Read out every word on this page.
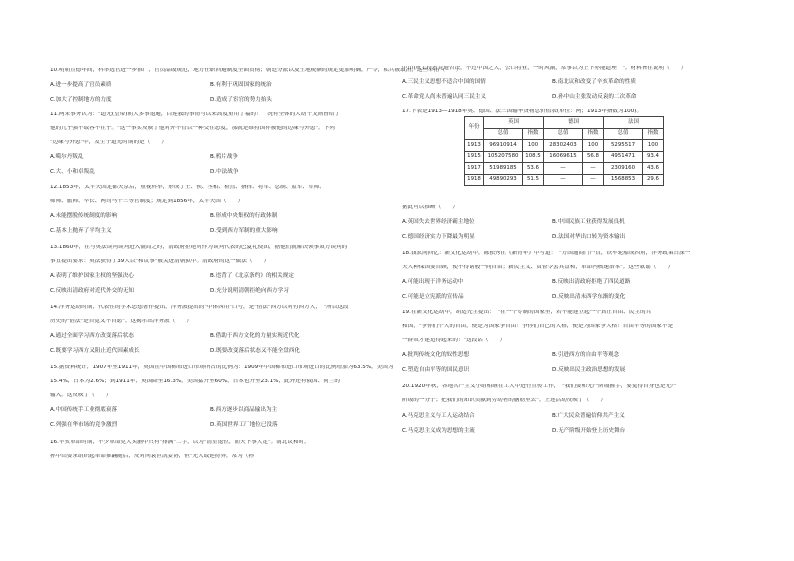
10.明朝宣德年间，科举选官进一步推广，官员品级规范，地方任职回避制度全面贯彻；朝廷分派以及土地税额的规定更加明确，严令，私兵被取消，这些举措（　　）
A.进一步提高了官员素质	B.有利于巩固国家的统治
C.加大了控制地方的力度	D.造成了宦官的势力抬头
11.两宋事务认为："道光(皇帝)朝大多事退避，白莲教的事情与以来高度重用了福的！　况有全体的大动干戈则皆给了
他的几乎强不取容不在乎。"这一事实反映了他对外不管以一种交往态度，那就是维持国祚被他的边缘与外患"。下列
"边缘与外患"中，发生于道光时期的是（　　）
A.噶尔丹叛乱	B.鸦片战争
C.大、小和卓叛乱	D.中法战争
12.1853年，太平天国定都天京后，重视科举，形成了王、侯、丞相、检点、指挥、将军、总制、监军、军帅、
师帅、旅帅、卒长、两司马十三等官制度；规定到1856年，太平天国（　　）
A.未能摆脱传统制度的影响	B.形成中央集权的行政体制
C.基本上抛弃了平均主义	D.受到西方军制的重大影响
13.1860年，在与英法谈判谈判进入僵局之时，清政府拒绝对作为谈判代表的巴夏礼使团，据他们就解决领事双方谈判的
事宜提出要求：英法获得了39人以"和议事"被关进清朝狱中。清政府的这一做法（　　）
A.表明了维护国家主权的坚强决心	B.违背了《北京条约》的相关规定
C.反映出清政府对近代外交的无知	D.充分说明清朝拒绝向西方学习
14.洋务运动时期，代表性的学术思想著作提出，洋务派提出的"中体西用"口号，是"借法"西方以对付西方人，　"所以这段
历史的"借法"是自觉又不自愿"。这揭示出洋务派（　　）
A.通过全面学习西方改变落后状态	B.借助于西方文化的力量实现近代化
C.既要学习西方又阻止近代因素成长	D.既要改变落后状态又不能全盘西化
15.据资料统计，1907年至1911年，英国在中国棉布进口市场所占的比例为：1909年中国棉布进口市场进口的比例增加为63.5%，美国为
15.4%，日本为2.6%；到1911年，英国降至16.3%，美国猛升至60%，日本也升至23.1%，此外还有俄国、荷兰的
输入。这反映了（　　）
A.中国传统手工业彻底衰落	B.西方逐步以商品输出为主
C.列强在华市场的竞争激烈	D.英国世界工厂地位已没落
16.辛亥革命时期，不少革命党人头脑中只有"排满"二字，以为"清室退位，而天下事大定"。南北议和时，
孙中山要求组织起革命推翻随后，反对向袁世凯妥协，但"光人取延持异，常为（孙
中山)所主持者竟遭否决，不过中国之大，公口将业，一时风潮，常事以为上下亦能道理　"。材料旨在说明（　　）
A.三民主义思想不适合中国的国情	B.南北议和改变了辛亥革命的性质
C.革命党人尚未普遍认同三民主义	D.孙中山主张发动反袁的二次革命
17.下表是1913—1918年英、德国、法三国输华货物总价值表(单位：两；1913年指数为100)。
年份	英国		德国		法国	
	总值	指数	总值	指数	总值	指数
1913	96910914	100	28302403	100	5295517	100
1915	105207580	108.5	16069615	56.8	4951471	93.4
1917	51989185	53.6	—	—	2309160	43.6
1918	49890293	51.5	—	—	1568853	29.6
据此可以推断（　　）
A.英国失去世界经济霸主地位	B.中国民族工业获得发展良机
C.德国经济实力下降最为明显	D.法国对华出口转为资本输出
18.钱玄同回忆：新文化运动中，陈独秀在《新青年》中写道：　"万国通商门户直，铁车轮船成四角，洋务政策日深一
天人种保国要自顾，使不得诸般一同自由；新民主义、赏督令罢其盘和，革命内核速治本"。这些歌谣（　　）
A.可能出现于洋务运动中	B.反映出清政府拒绝了四民道路
C.可能是立宪派的宣传品	D.反映出清末西学东渐的变化
19.在新文化运动中，胡适先生提出：　"在一个专制的国家里，若不能建立起一个真正自由、民主的共
和国，"争你们个人的自由，便是为国家争自由！争你们自己的人格，便是为国家争人格！自由平等的国家不是
一群奴才建造得起来的！"这段话（　　）
A.批判传统文化的奴性思想	B.引进西方的自由平等观念
C.塑造自由平等的国民意识	D.反映出民主政治思想的发展
20.1920年秋，各地共产主义小组相继在工人中进行宣传工作，　"我们要和无产阶级握手，要觉得自身也是无产
阶级的一分子；把我们的知识贡献到劳动者的脑筋里去"。上述活动反映了（　　）
A.马克思主义与工人运动结合	B.广大民众普遍信仰共产主义
C.马克思主义成为思想的主流	D.无产阶级开始登上历史舞台
